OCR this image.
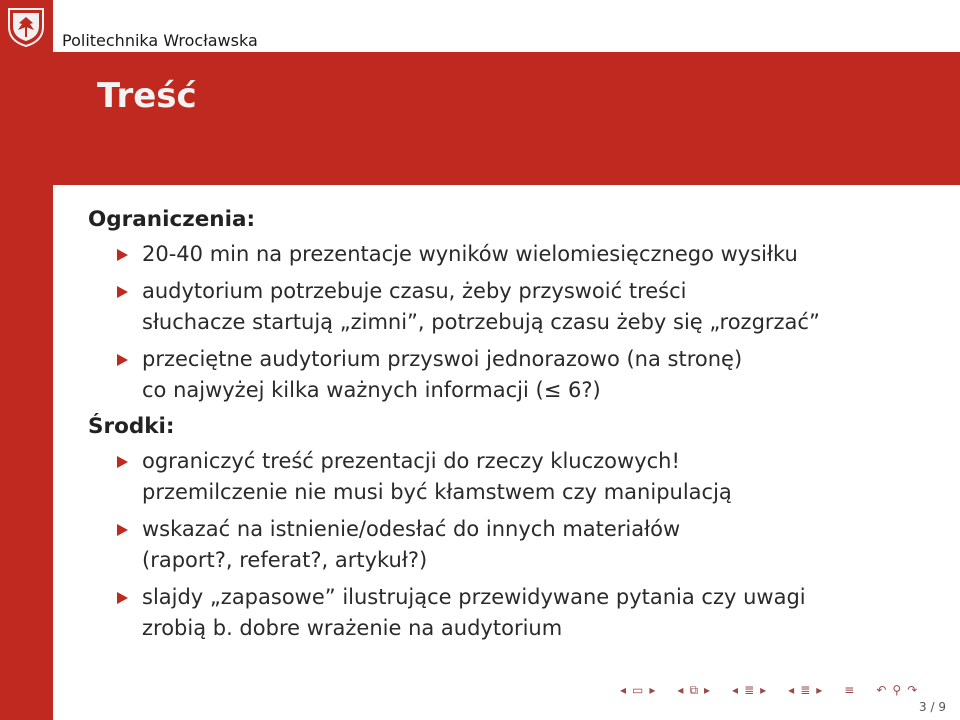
Politechnika Wrocławska
Treść

Ograniczenia:

20-40 min na prezentacje wyników wielomiesięcznego wysiłku
audytorium potrzebuje czasu, żeby przyswoić treści
słuchacze startują „zimni”, potrzebują czasu żeby się „rozgrzać”
przeciętne audytorium przyswoi jednorazowo (na stronę)
co najwyżej kilka ważnych informacji (≤ 6?)

Środki:

ograniczyć treść prezentacji do rzeczy kluczowych!
przemilczenie nie musi być kłamstwem czy manipulacją
wskazać na istnienie/odesłać do innych materiałów
(raport?, referat?, artykuł?)
slajdy „zapasowe” ilustrujące przewidywane pytania czy uwagi
zrobią b. dobre wrażenie na audytorium
◂ ▭ ▸ ◂ ⧉ ▸ ◂ ≣ ▸ ◂ ≣ ▸ ≡ ↶ ⚲ ↷
3 / 9
